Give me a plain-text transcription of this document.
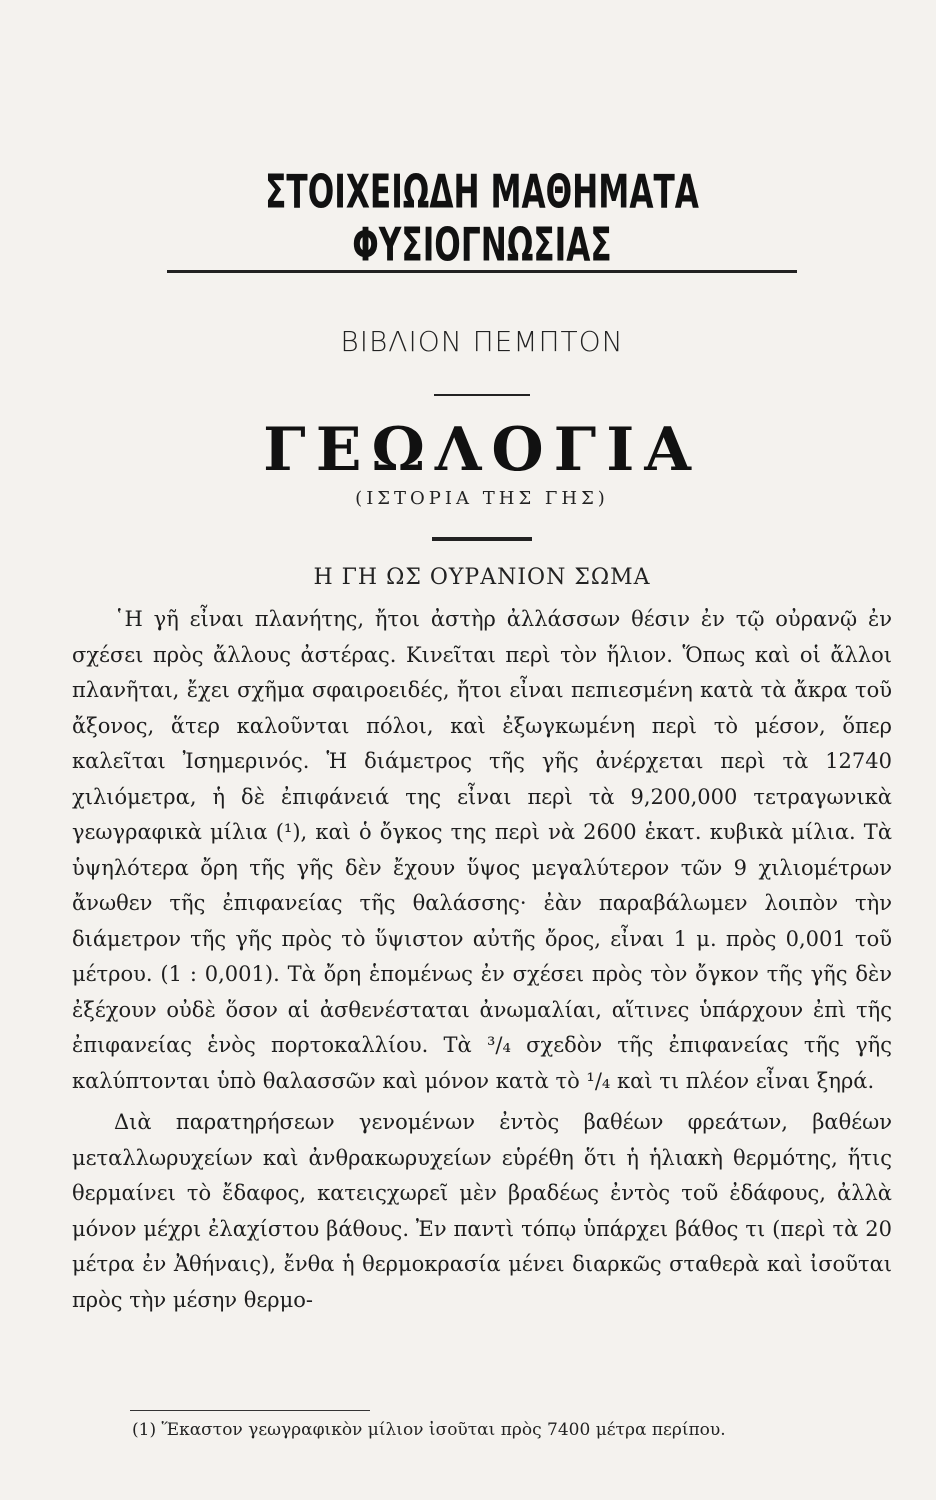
ΣΤΟΙΧΕΙΩΔΗ ΜΑΘΗΜΑΤΑ ΦΥΣΙΟΓΝΩΣΙΑΣ
ΒΙΒΛΙΟΝ ΠΕΜΠΤΟΝ
ΓΕΩΛΟΓΙΑ
(ΙΣΤΟΡΙΑ ΤΗΣ ΓΗΣ)
Η ΓΗ ΩΣ ΟΥΡΑΝΙΟΝ ΣΩΜΑ

῾Η γῆ εἶναι πλανήτης, ἤτοι ἀστὴρ ἀλλάσσων θέσιν ἐν τῷ οὐρανῷ ἐν σχέσει πρὸς ἄλλους ἀστέρας. Κινεῖται περὶ τὸν ἥλιον. Ὅπως καὶ οἱ ἄλλοι πλανῆται, ἔχει σχῆμα σφαιροειδές, ἤτοι εἶναι πεπιεσμένη κατὰ τὰ ἄκρα τοῦ ἄξονος, ἅτερ καλοῦνται πόλοι, καὶ ἐξωγκωμένη περὶ τὸ μέσον, ὅπερ καλεῖται Ἰσημερινός. Ἡ διάμετρος τῆς γῆς ἀνέρχεται περὶ τὰ 12740 χιλιόμετρα, ἡ δὲ ἐπιφάνειά της εἶναι περὶ τὰ 9,200,000 τετραγωνικὰ γεωγραφικὰ μίλια (¹), καὶ ὁ ὄγκος της περὶ νὰ 2600 ἑκατ. κυβικὰ μίλια. Τὰ ὑψηλότερα ὄρη τῆς γῆς δὲν ἔχουν ὕψος μεγαλύτερον τῶν 9 χιλιομέτρων ἄνωθεν τῆς ἐπιφανείας τῆς θαλάσσης· ἐὰν παραβάλωμεν λοιπὸν τὴν διάμετρον τῆς γῆς πρὸς τὸ ὕψιστον αὐτῆς ὄρος, εἶναι 1 μ. πρὸς 0,001 τοῦ μέτρου. (1 : 0,001). Τὰ ὄρη ἑπομένως ἐν σχέσει πρὸς τὸν ὄγκον τῆς γῆς δὲν ἐξέχουν οὐδὲ ὅσον αἱ ἀσθενέσταται ἀνωμαλίαι, αἵτινες ὑπάρχουν ἐπὶ τῆς ἐπιφανείας ἑνὸς πορτοκαλλίου. Τὰ ³/₄ σχεδὸν τῆς ἐπιφανείας τῆς γῆς καλύπτονται ὑπὸ θαλασσῶν καὶ μόνον κατὰ τὸ ¹/₄ καὶ τι πλέον εἶναι ξηρά.

Διὰ παρατηρήσεων γενομένων ἐντὸς βαθέων φρεάτων, βαθέων μεταλλωρυχείων καὶ ἀνθρακωρυχείων εὑρέθη ὅτι ἡ ἡλιακὴ θερμότης, ἥτις θερμαίνει τὸ ἔδαφος, κατειςχωρεῖ μὲν βραδέως ἐντὸς τοῦ ἐδάφους, ἀλλὰ μόνον μέχρι ἐλαχίστου βάθους. Ἐν παντὶ τόπῳ ὑπάρχει βάθος τι (περὶ τὰ 20 μέτρα ἐν Ἀθήναις), ἔνθα ἡ θερμοκρασία μένει διαρκῶς σταθερὰ καὶ ἰσοῦται πρὸς τὴν μέσην θερμο-

(1) Ἕκαστον γεωγραφικὸν μίλιον ἰσοῦται πρὸς 7400 μέτρα περίπου.
